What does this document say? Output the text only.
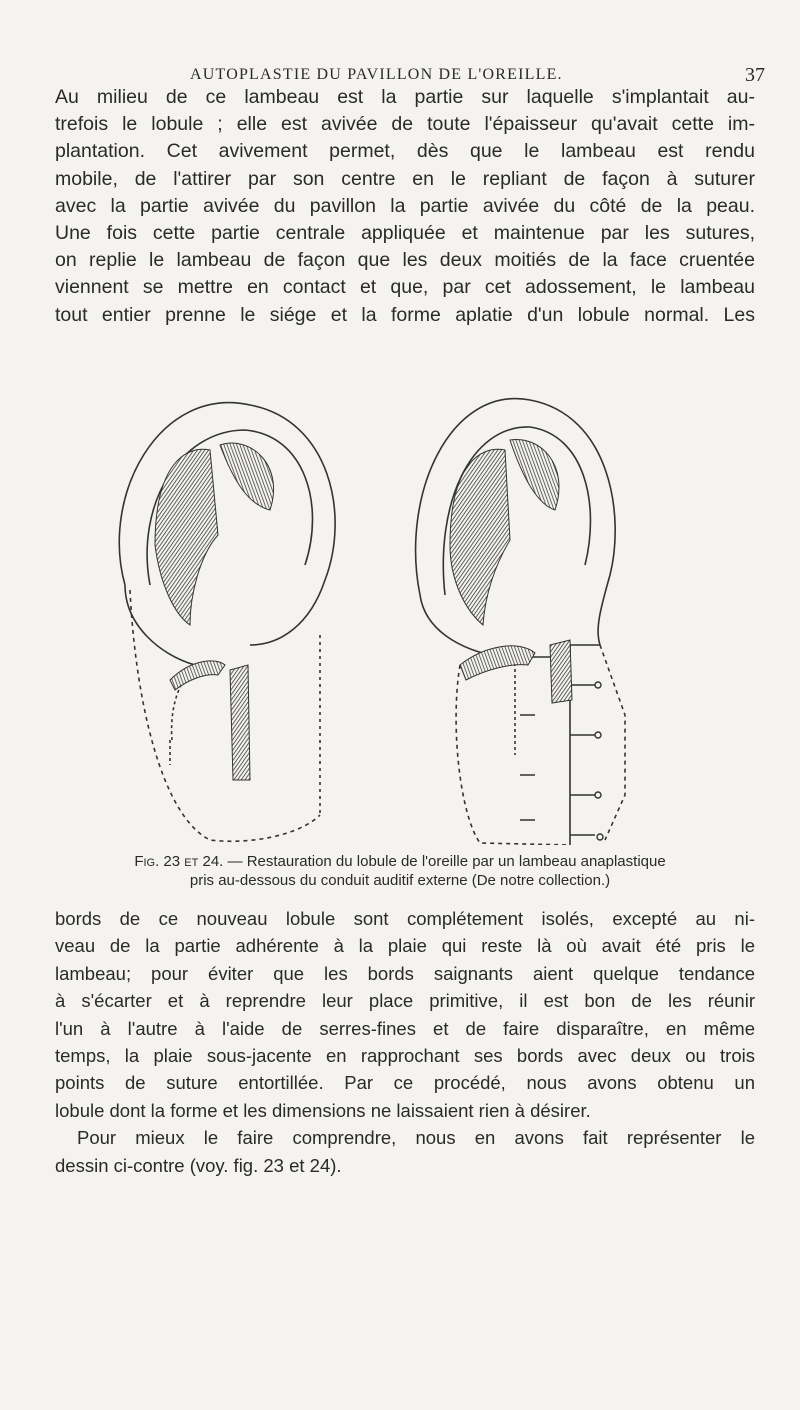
AUTOPLASTIE DU PAVILLON DE L'OREILLE.	37
Au milieu de ce lambeau est la partie sur laquelle s'implantait au-
trefois le lobule ; elle est avivée de toute l'épaisseur qu'avait cette im-
plantation. Cet avivement permet, dès que le lambeau est rendu
mobile, de l'attirer par son centre en le repliant de façon à suturer
avec la partie avivée du pavillon la partie avivée du côté de la peau.
Une fois cette partie centrale appliquée et maintenue par les sutures,
on replie le lambeau de façon que les deux moitiés de la face cruentée
viennent se mettre en contact et que, par cet adossement, le lambeau
tout entier prenne le siége et la forme aplatie d'un lobule normal. Les
Fig. 23 et 24. — Restauration du lobule de l'oreille par un lambeau anaplastique
pris au-dessous du conduit auditif externe (De notre collection.)
bords de ce nouveau lobule sont complétement isolés, excepté au ni-
veau de la partie adhérente à la plaie qui reste là où avait été pris le
lambeau; pour éviter que les bords saignants aient quelque tendance
à s'écarter et à reprendre leur place primitive, il est bon de les réunir
l'un à l'autre à l'aide de serres-fines et de faire disparaître, en même
temps, la plaie sous-jacente en rapprochant ses bords avec deux ou trois
points de suture entortillée. Par ce procédé, nous avons obtenu un
lobule dont la forme et les dimensions ne laissaient rien à désirer.
Pour mieux le faire comprendre, nous en avons fait représenter le
dessin ci-contre (voy. fig. 23 et 24).
